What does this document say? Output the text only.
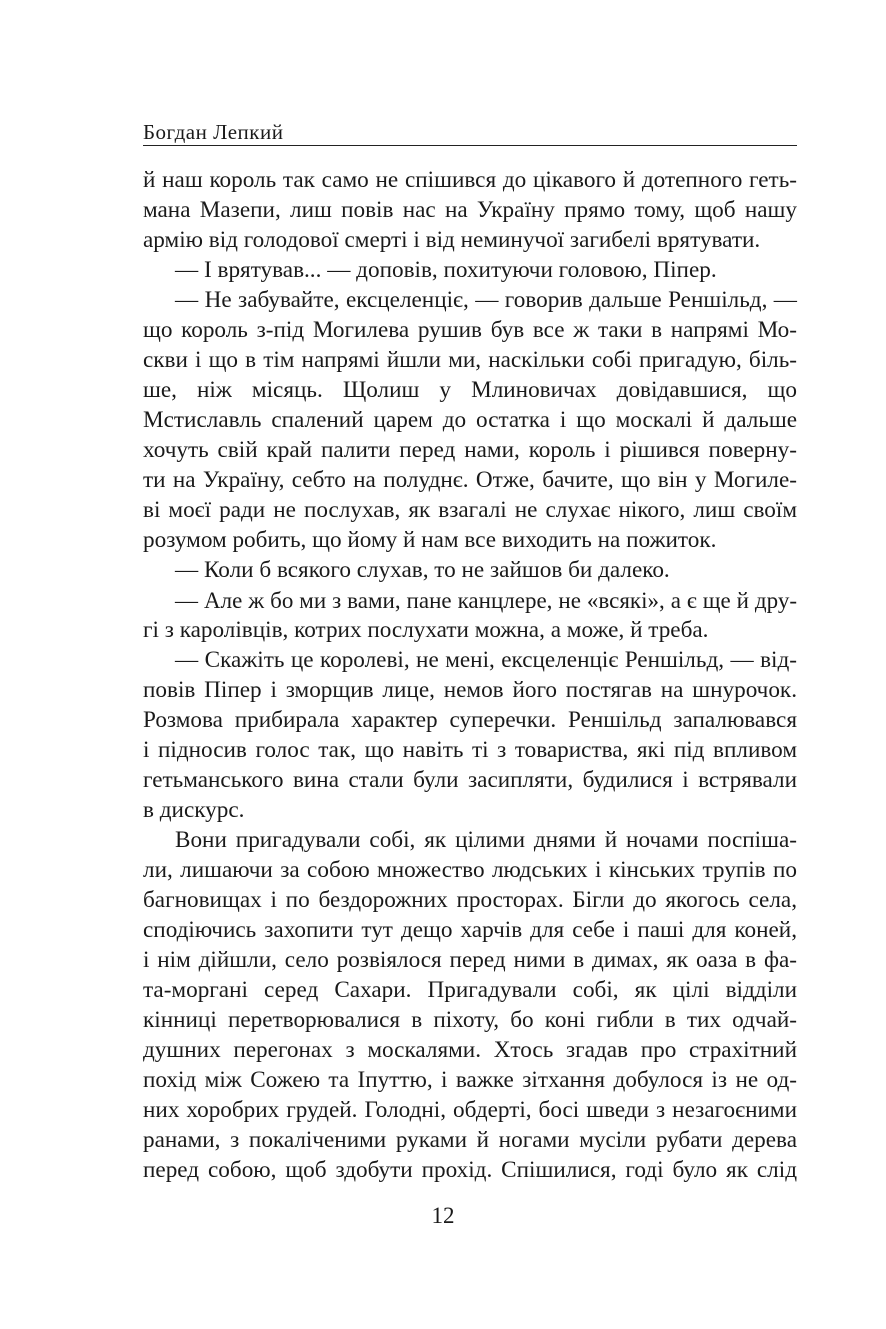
Богдан Лепкий
й наш король так само не спішився до цікавого й дотепного геть-
мана Мазепи, лиш повів нас на Україну прямо тому, щоб нашу
армію від голодової смерті і від неминучої загибелі врятувати.
— І врятував... — доповів, похитуючи головою, Піпер.
— Не забувайте, ексцеленціє, — говорив дальше Реншільд, —
що король з-під Могилева рушив був все ж таки в напрямі Мо-
скви і що в тім напрямі йшли ми, наскільки собі пригадую, біль-
ше, ніж місяць. Щолиш у Млиновичах довідавшися, що
Мстиславль спалений царем до остатка і що москалі й дальше
хочуть свій край палити перед нами, король і рішився поверну-
ти на Україну, себто на полуднє. Отже, бачите, що він у Могиле-
ві моєї ради не послухав, як взагалі не слухає нікого, лиш своїм
розумом робить, що йому й нам все виходить на пожиток.
— Коли б всякого слухав, то не зайшов би далеко.
— Але ж бо ми з вами, пане канцлере, не «всякі», а є ще й дру-
гі з каролівців, котрих послухати можна, а може, й треба.
— Скажіть це королеві, не мені, ексцеленціє Реншільд, — від-
повів Піпер і зморщив лице, немов його постягав на шнурочок.
Розмова прибирала характер суперечки. Реншільд запалювався
і підносив голос так, що навіть ті з товариства, які під впливом
гетьманського вина стали були засипляти, будилися і встрявали
в дискурс.
Вони пригадували собі, як цілими днями й ночами поспіша-
ли, лишаючи за собою множество людських і кінських трупів по
багновищах і по бездорожних просторах. Бігли до якогось села,
сподіючись захопити тут дещо харчів для себе і паші для коней,
і нім дійшли, село розвіялося перед ними в димах, як оаза в фа-
та-моргані серед Сахари. Пригадували собі, як цілі відділи
кінниці перетворювалися в піхоту, бо коні гибли в тих одчай-
душних перегонах з москалями. Хтось згадав про страхітний
похід між Сожею та Іпуттю, і важке зітхання добулося із не од-
них хоробрих грудей. Голодні, обдерті, босі шведи з незагоєними
ранами, з покаліченими руками й ногами мусіли рубати дерева
перед собою, щоб здобути прохід. Спішилися, годі було як слід
12
